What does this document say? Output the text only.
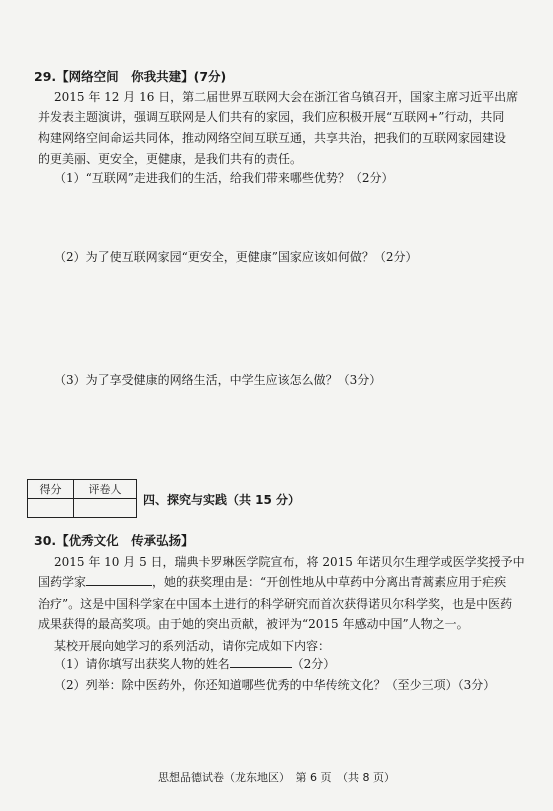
29.【网络空间　你我共建】(7分)
2015 年 12 月 16 日，第二届世界互联网大会在浙江省乌镇召开，国家主席习近平出席
并发表主题演讲，强调互联网是人们共有的家园，我们应积极开展“互联网+”行动，共同
构建网络空间命运共同体，推动网络空间互联互通，共享共治，把我们的互联网家园建设
的更美丽、更安全，更健康，是我们共有的责任。
（1）“互联网”走进我们的生活，给我们带来哪些优势？（2分）
（2）为了使互联网家园“更安全，更健康”国家应该如何做？（2分）
（3）为了享受健康的网络生活，中学生应该怎么做？（3分）
得分	评卷人

四、探究与实践（共 15 分）
30.【优秀文化　传承弘扬】
2015 年 10 月 5 日，瑞典卡罗琳医学院宣布，将 2015 年诺贝尔生理学或医学奖授予中
国药学家	，她的获奖理由是：“开创性地从中草药中分离出青蒿素应用于疟疾
治疗”。这是中国科学家在中国本土进行的科学研究而首次获得诺贝尔科学奖，也是中医药
成果获得的最高奖项。由于她的突出贡献，被评为“2015 年感动中国”人物之一。
某校开展向她学习的系列活动，请你完成如下内容：
（1）请你填写出获奖人物的姓名	（2分）
（2）列举：除中医药外，你还知道哪些优秀的中华传统文化？（至少三项）（3分）
思想品德试卷（龙东地区）　第 6 页　（共 8 页）
